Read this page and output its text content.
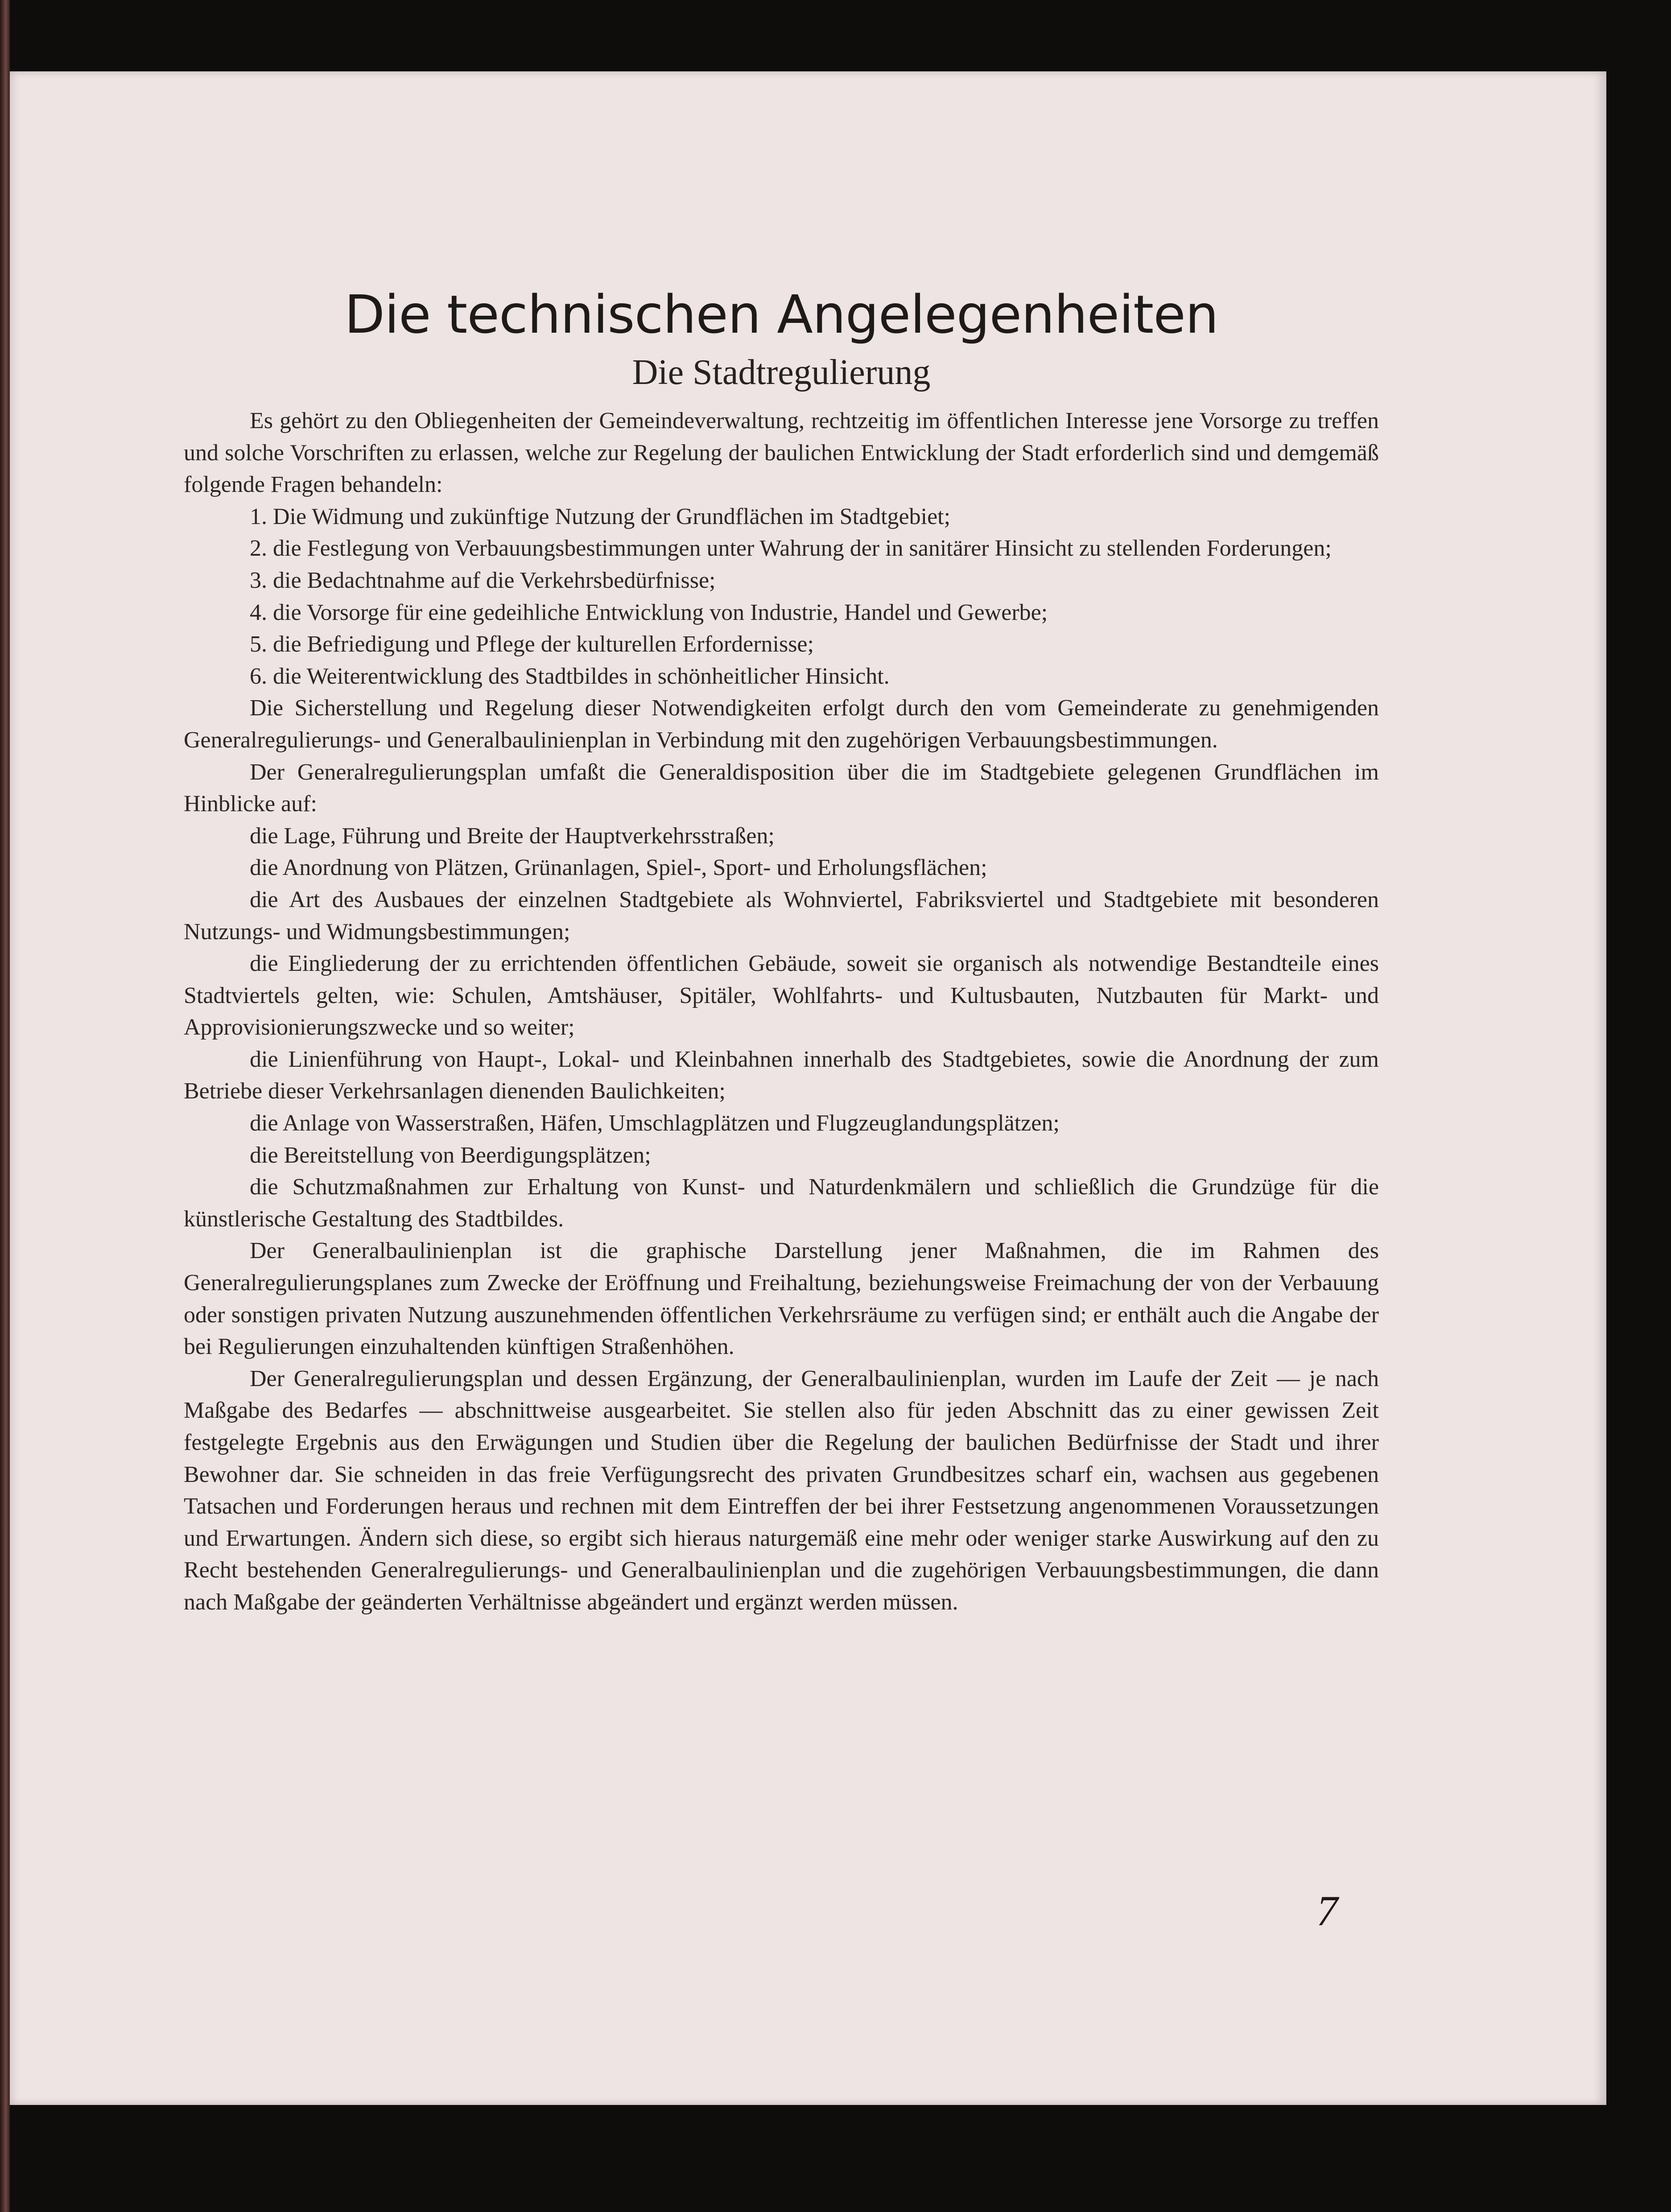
Die technischen Angelegenheiten
Die Stadtregulierung

Es gehört zu den Obliegenheiten der Gemeindeverwaltung, rechtzeitig im öffentlichen Interesse jene Vorsorge zu treffen und solche Vorschriften zu erlassen, welche zur Regelung der baulichen Entwicklung der Stadt erforderlich sind und demgemäß folgende Fragen behandeln:

1. Die Widmung und zukünftige Nutzung der Grundflächen im Stadtgebiet;

2. die Festlegung von Verbauungsbestimmungen unter Wahrung der in sanitärer Hinsicht zu stellenden Forderungen;

3. die Bedachtnahme auf die Verkehrsbedürfnisse;

4. die Vorsorge für eine gedeihliche Entwicklung von Industrie, Handel und Gewerbe;

5. die Befriedigung und Pflege der kulturellen Erfordernisse;

6. die Weiterentwicklung des Stadtbildes in schönheitlicher Hinsicht.

Die Sicherstellung und Regelung dieser Notwendigkeiten erfolgt durch den vom Gemeinderate zu genehmigenden Generalregulierungs- und Generalbaulinienplan in Verbindung mit den zugehörigen Verbauungsbestimmungen.

Der Generalregulierungsplan umfaßt die Generaldisposition über die im Stadtgebiete gelegenen Grundflächen im Hinblicke auf:

die Lage, Führung und Breite der Hauptverkehrsstraßen;

die Anordnung von Plätzen, Grünanlagen, Spiel-, Sport- und Erholungsflächen;

die Art des Ausbaues der einzelnen Stadtgebiete als Wohnviertel, Fabriksviertel und Stadtgebiete mit besonderen Nutzungs- und Widmungsbestimmungen;

die Eingliederung der zu errichtenden öffentlichen Gebäude, soweit sie organisch als notwendige Bestandteile eines Stadtviertels gelten, wie: Schulen, Amtshäuser, Spitäler, Wohlfahrts- und Kultusbauten, Nutzbauten für Markt- und Approvisionierungszwecke und so weiter;

die Linienführung von Haupt-, Lokal- und Kleinbahnen innerhalb des Stadtgebietes, sowie die Anordnung der zum Betriebe dieser Verkehrsanlagen dienenden Baulichkeiten;

die Anlage von Wasserstraßen, Häfen, Umschlagplätzen und Flugzeuglandungsplätzen;

die Bereitstellung von Beerdigungsplätzen;

die Schutzmaßnahmen zur Erhaltung von Kunst- und Naturdenkmälern und schließlich die Grundzüge für die künstlerische Gestaltung des Stadtbildes.

Der Generalbaulinienplan ist die graphische Darstellung jener Maßnahmen, die im Rahmen des Generalregulierungsplanes zum Zwecke der Eröffnung und Freihaltung, beziehungsweise Freimachung der von der Verbauung oder sonstigen privaten Nutzung auszunehmenden öffentlichen Verkehrsräume zu verfügen sind; er enthält auch die Angabe der bei Regulierungen einzuhaltenden künftigen Straßenhöhen.

Der Generalregulierungsplan und dessen Ergänzung, der Generalbaulinienplan, wurden im Laufe der Zeit — je nach Maßgabe des Bedarfes — abschnittweise ausgearbeitet. Sie stellen also für jeden Abschnitt das zu einer gewissen Zeit festgelegte Ergebnis aus den Erwägungen und Studien über die Regelung der baulichen Bedürfnisse der Stadt und ihrer Bewohner dar. Sie schneiden in das freie Verfügungsrecht des privaten Grundbesitzes scharf ein, wachsen aus gegebenen Tatsachen und Forderungen heraus und rechnen mit dem Eintreffen der bei ihrer Festsetzung angenommenen Voraussetzungen und Erwartungen. Ändern sich diese, so ergibt sich hieraus naturgemäß eine mehr oder weniger starke Auswirkung auf den zu Recht bestehenden Generalregulierungs- und Generalbaulinienplan und die zugehörigen Verbauungsbestimmungen, die dann nach Maßgabe der geänderten Verhältnisse abgeändert und ergänzt werden müssen.

7
